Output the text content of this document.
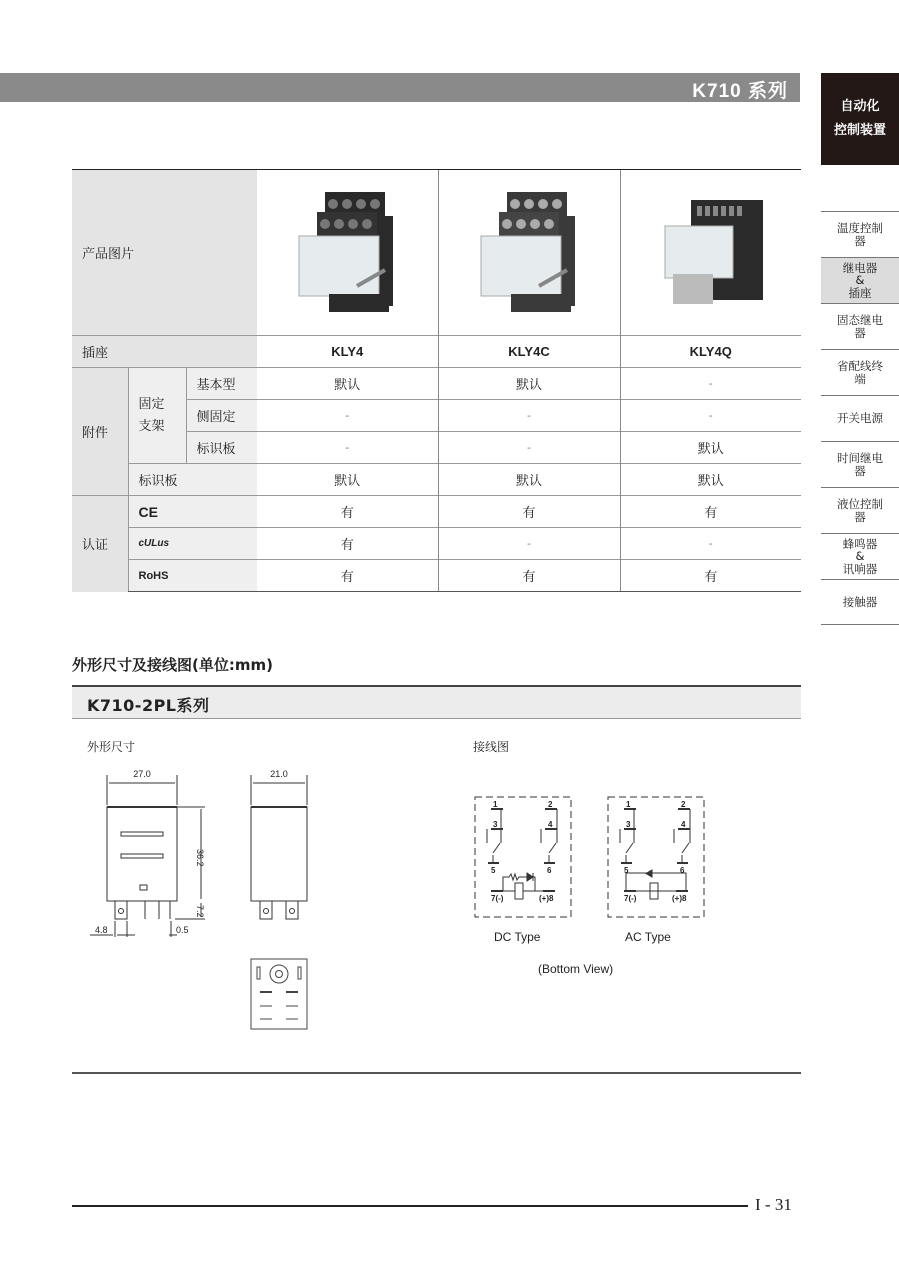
K710 系列
自动化
控制装置
温度控制
器
继电器
&
插座
固态继电
器
省配线终
端
开关电源
时间继电
器
液位控制
器
蜂鸣器
&
讯响器
接触器
产品图片			
插座			KLY4	KLY4C	KLY4Q
附件	固定
支架	基本型	默认	默认	-
		侧固定	-	-	-
		标识板	-	-	默认
	标识板		默认	默认	默认
认证	CE		有	有	有
	cULus		有	-	-
	RoHS		有	有	有
外形尺寸及接线图(单位:mm)
K710-2PL系列
外形尺寸	接线图
27.0
36.2
7.2
4.8	0.5
21.0
1	2
3	4
5	6
7(-)	(+)8
1	2
3	4
5	6
7(-)	(+)8
DC Type	AC Type
(Bottom View)
I - 31
